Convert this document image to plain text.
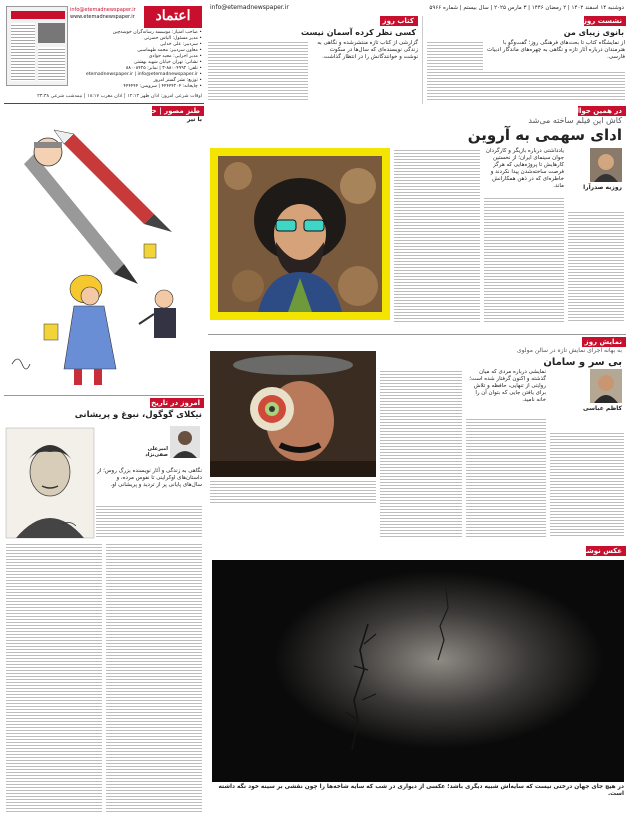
info@etemadnewspaper.ir	دوشنبه ۱۴ اسفند ۱۴۰۲ | ۲ رمضان ۱۴۴۶ | ۳ مارس ۲۰۲۵ | سال بیستم | شماره ۵۹۶۶
اعتماد
info@etemadnewspaper.ir
www.etemadnewspaper.ir
• صاحب امتیاز: موسسه رسانه‌گران خوشه‌چین
• مدیر مسئول: الیاس حضرتی
• سردبیر: علی خدایی
• معاون سردبیر: محمد طهماسبی
• مدیر اجرایی: مجید جوادی
• نشانی: تهران خیابان شهید بهشتی
• تلفن: ۸۸۰۰۴۹۹۲-۳ | نمابر: ۸۸۰۰۸۴۲۵
• etemadnewspaper.ir | info@etemadnewspaper.ir
• توزیع: نشر گستر امروز
• چاپخانه: ۴۴۴۴۴۲۰۴ | سرویس: ۴۴۴۴۴۴
اوقات شرعی امروز: اذان ظهر ۱۲:۱۳ | اذان مغرب ۱۸:۱۷ | نیمه‌شب شرعی ۲۳:۳۸
کتاب روز
کسی نظر کرده آسمان نیست
گزارشی از کتاب تازه منتشرشده و نگاهی به زندگی نویسنده‌ای که سال‌ها در سکوت نوشت و خوانندگانش را در انتظار گذاشت.
نشست روز
بانوی زیبای من
از نمایشگاه کتاب تا بحث‌های فرهنگی روز؛ گفت‌وگو با هنرمندان درباره آثار تازه و نگاهی به چهره‌های ماندگار ادبیات فارسی.
طنز مصور | خروج
با تیر
در همین حوالی
کاش این فیلم ساخته می‌شد
ادای سهمی به آروین
یادداشتی درباره بازیگر و کارگردان جوان سینمای ایران؛ از نخستین کارهایش تا پروژه‌هایی که هرگز فرصت ساخته‌شدن پیدا نکردند و خاطره‌ای که در ذهن همکارانش ماند.	روزبه صدرآرا
نمایش روز
به بهانه اجرای نمایش تازه در سالن مولوی
بی سر و سامان
نمایشی درباره مردی که میان گذشته و اکنون گرفتار شده است؛ روایتی از تنهایی، حافظه و تلاش برای یافتن جایی که بتوان آن را خانه نامید.
کاظم عباسی
امروز در تاریخ
نیکلای گوگول، نبوغ و پریشانی
امیرعلی صفی‌نژاد
نگاهی به زندگی و آثار نویسنده بزرگ روس؛ از داستان‌های اوکراینی تا نفوس مرده، و سال‌های پایانی پر از تردید و پریشانی او.
عکس نوشت
در هیچ جای جهان درختی نیست که سایه‌اش شبیه دیگری باشد؛ عکسی از دیواری در شب که سایه شاخه‌ها را چون نقشی بر سینه خود نگه داشته است.
